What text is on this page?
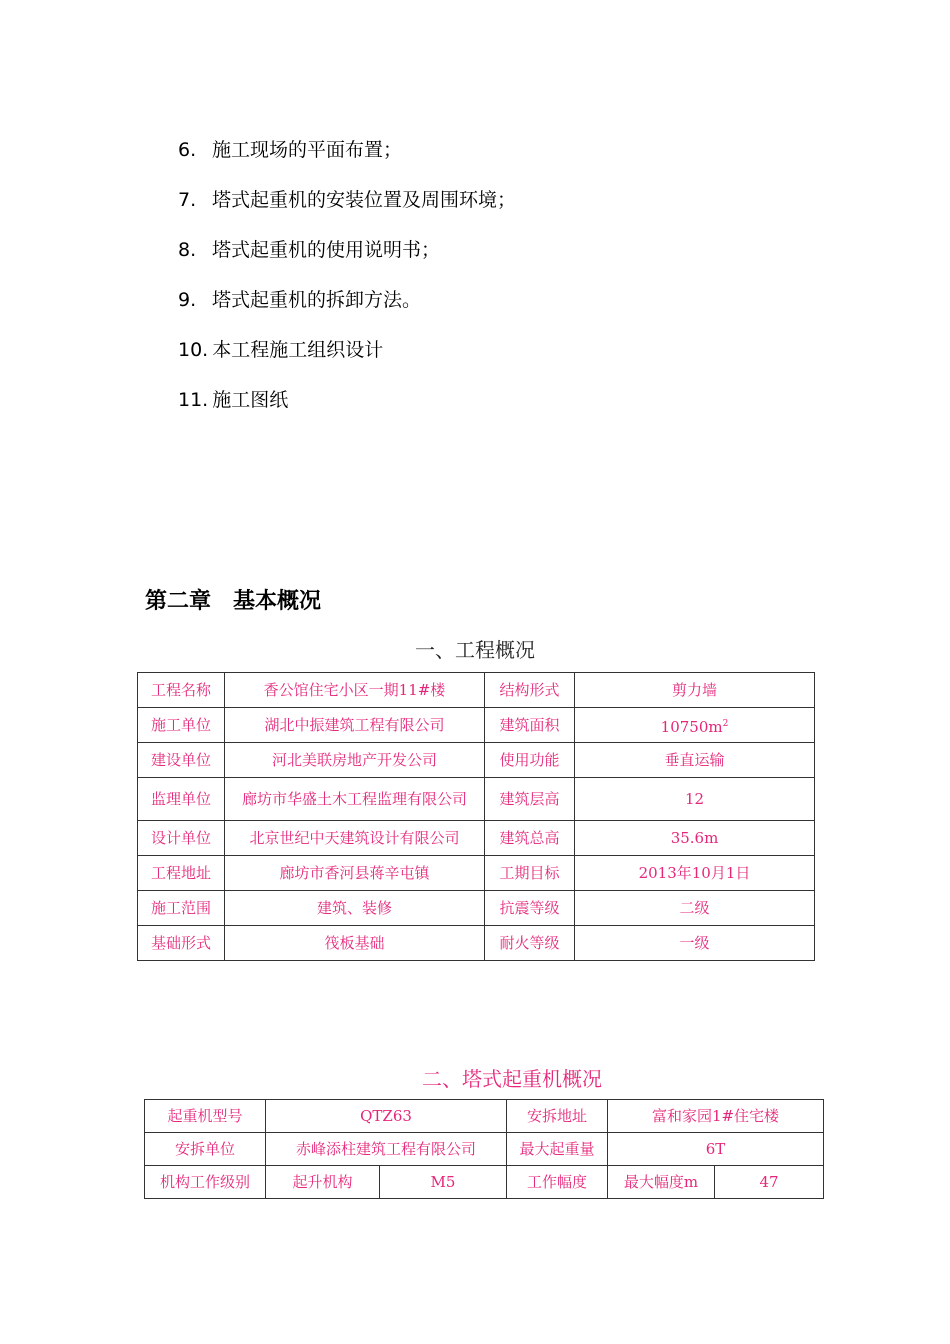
6. 施工现场的平面布置；
7. 塔式起重机的安装位置及周围环境；
8. 塔式起重机的使用说明书；
9. 塔式起重机的拆卸方法。
10. 本工程施工组织设计
11. 施工图纸
第二章　基本概况
一、工程概况
工程名称	香公馆住宅小区一期11#楼	结构形式	剪力墙
施工单位	湖北中振建筑工程有限公司	建筑面积	$10750m^2$
建设单位	河北美联房地产开发公司	使用功能	垂直运输
监理单位	廊坊市华盛土木工程监理有限公司	建筑层高	12
设计单位	北京世纪中天建筑设计有限公司	建筑总高	35.6m
工程地址	廊坊市香河县蒋辛屯镇	工期目标	2013年10月1日
施工范围	建筑、装修	抗震等级	二级
基础形式	筏板基础	耐火等级	一级
二、塔式起重机概况
起重机型号	QTZ63		安拆地址	富和家园1#住宅楼	
安拆单位	赤峰添柱建筑工程有限公司		最大起重量	6T	
机构工作级别	起升机构	M5	工作幅度	最大幅度m	47
